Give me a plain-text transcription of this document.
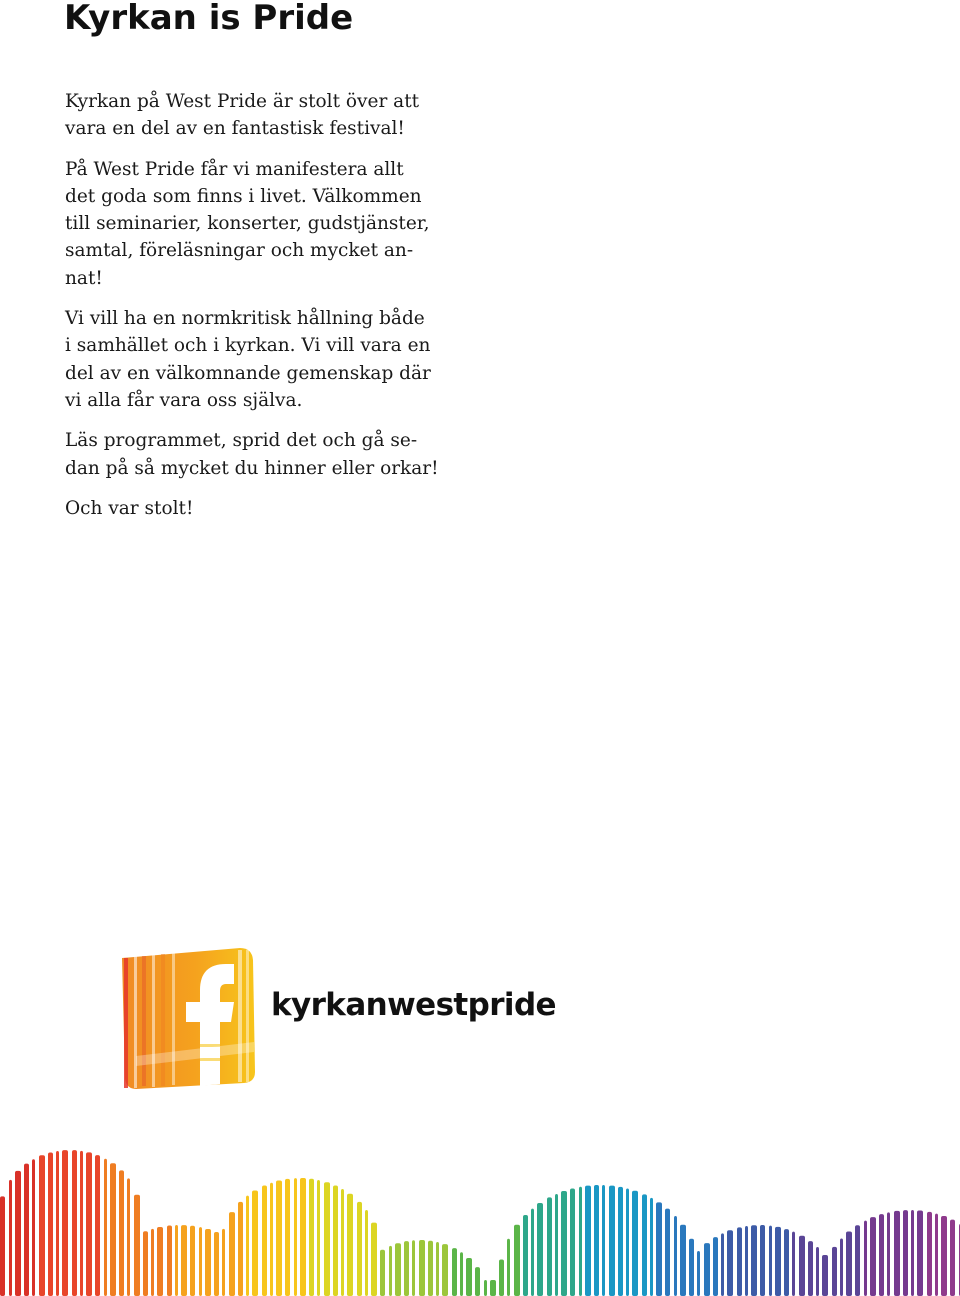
Kyrkan is Pride

Kyrkan på West Pride är stolt över att
vara en del av en fantastisk festival!

På West Pride får vi manifestera allt
det goda som finns i livet. Välkommen
till seminarier, konserter, gudstjänster,
samtal, föreläsningar och mycket an-
nat!

Vi vill ha en normkritisk hållning både
i samhället och i kyrkan. Vi vill vara en
del av en välkomnande gemenskap där
vi alla får vara oss själva.

Läs programmet, sprid det och gå se-
dan på så mycket du hinner eller orkar!

Och var stolt!

kyrkanwestpride
